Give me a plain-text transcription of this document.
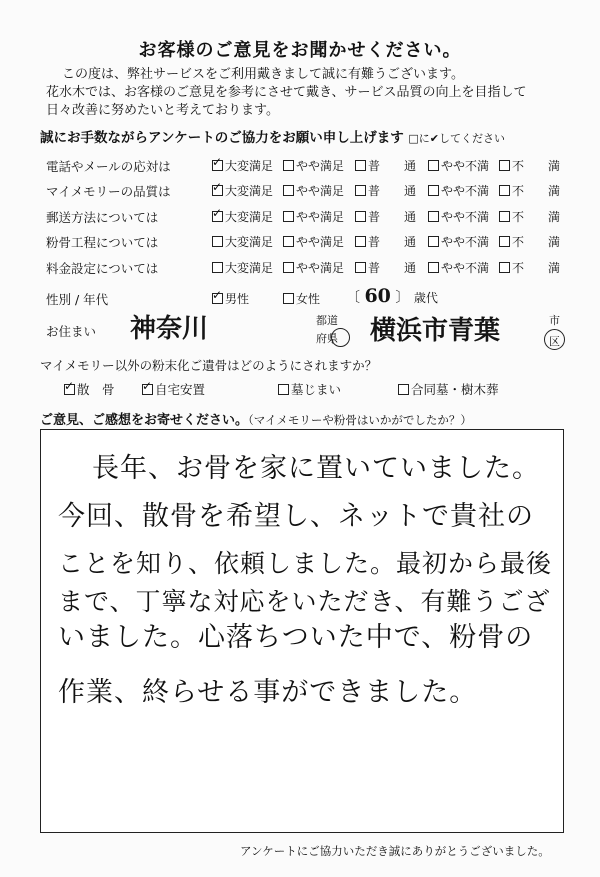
お客様のご意見をお聞かせください。
この度は、弊社サービスをご利用戴きまして誠に有難うございます。
花水木では、お客様のご意見を参考にさせて戴き、サービス品質の向上を目指して
日々改善に努めたいと考えております。
誠にお手数ながらアンケートのご協力をお願い申し上げます □に✔してください
電話やメールの応対は ✓	大変満足 やや満足 普　　通 やや不満 不　　満
マイメモリーの品質は ✓	大変満足 やや満足 普　　通 やや不満 不　　満
郵送方法については ✓	大変満足 やや満足 普　　通 やや不満 不　　満
粉骨工程については	大変満足 やや満足 普　　通 やや不満 不　　満
料金設定については	大変満足 やや満足 普　　通 やや不満 不　　満
性別 / 年代 ✓	男性	女性 〔 60 〕 歳代
お住まい 神奈川	都道
府県 横浜市青葉	市
区
マイメモリー以外の粉末化ご遺骨はどのようにされますか？
✓
散　骨 ✓	自宅安置	墓じまい	合同墓・樹木葬
ご意見、ご感想をお寄せください。（マイメモリーや粉骨はいかがでしたか？）
長年、お骨を家に置いていました。
今回、散骨を希望し、ネットで貴社の
ことを知り、依頼しました。最初から最後
まで、丁寧な対応をいただき、有難うござ
いました。心落ちついた中で、粉骨の
作業、終らせる事ができました。
アンケートにご協力いただき誠にありがとうございました。
